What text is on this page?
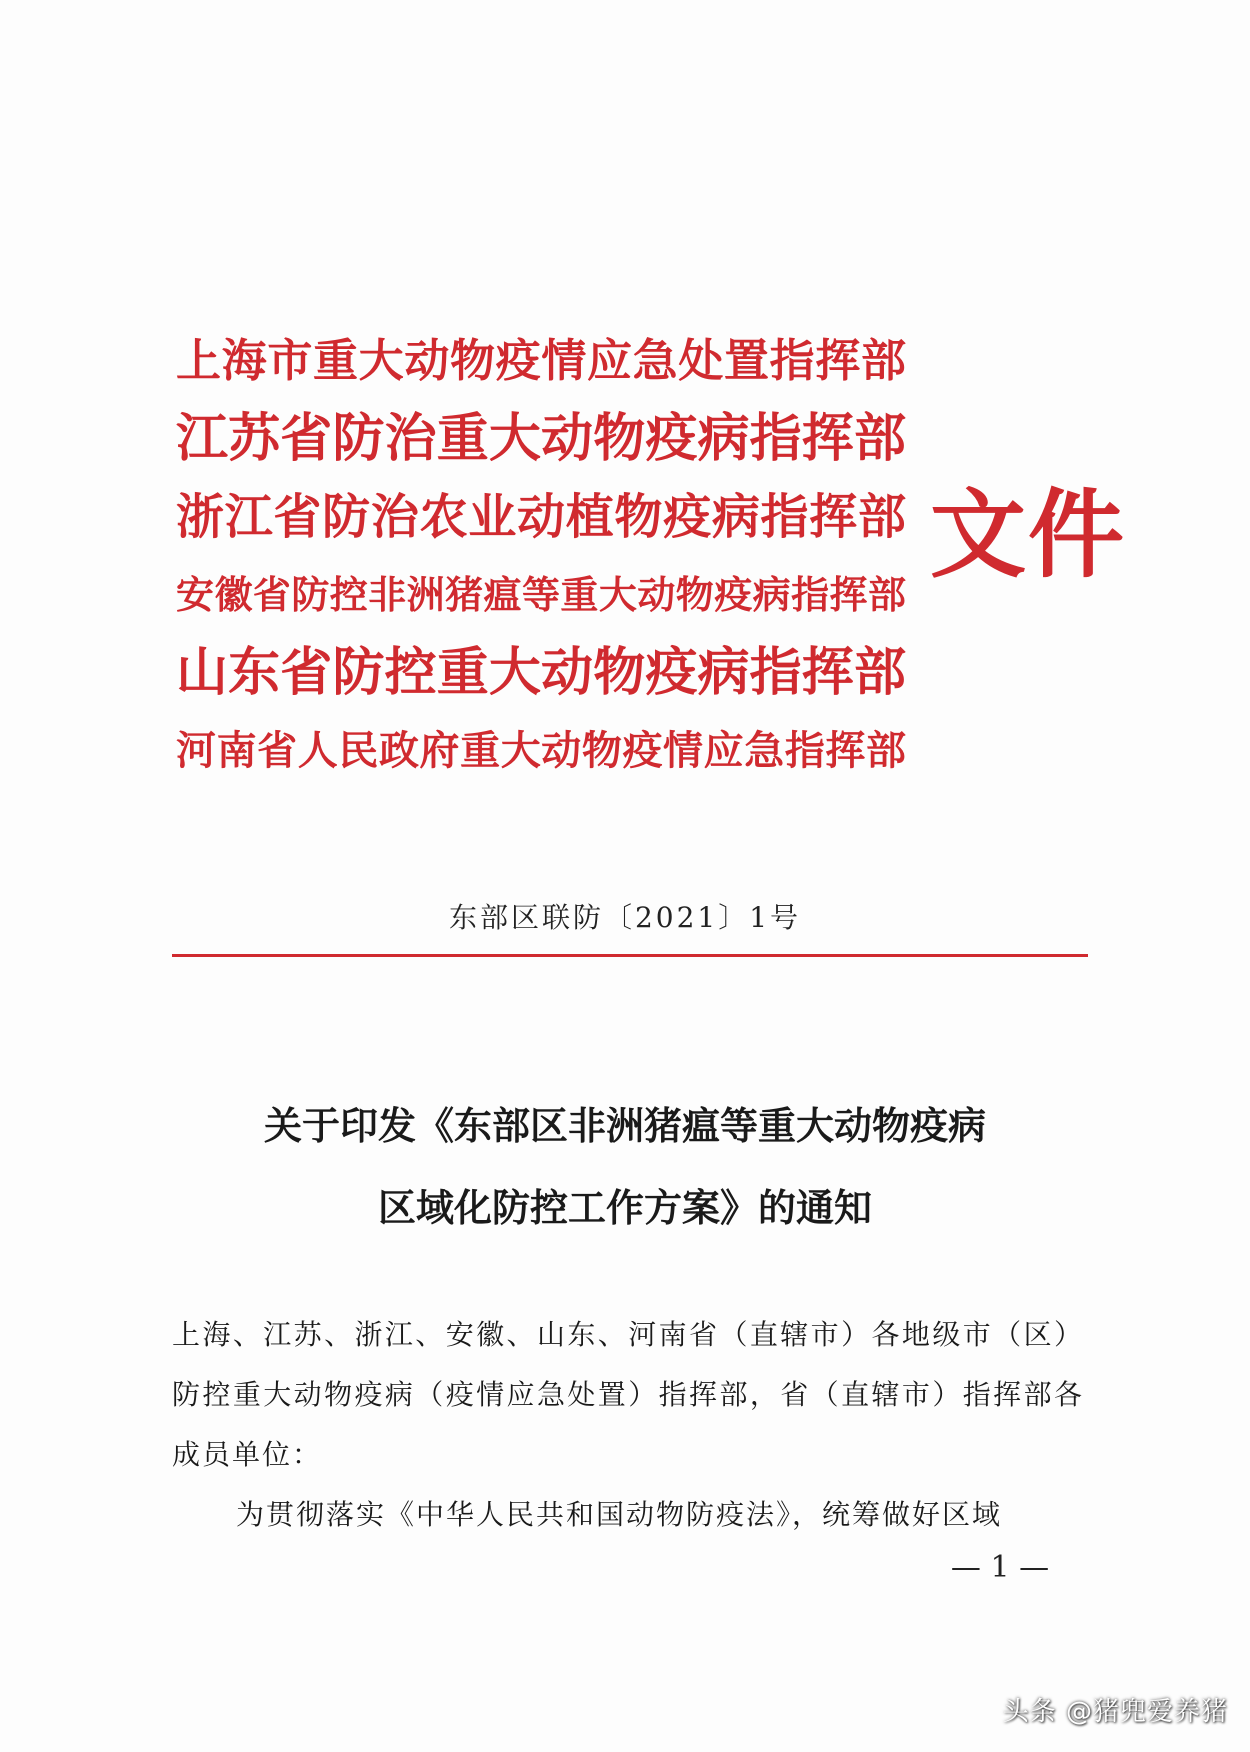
上海市重大动物疫情应急处置指挥部
江苏省防治重大动物疫病指挥部
浙江省防治农业动植物疫病指挥部
安徽省防控非洲猪瘟等重大动物疫病指挥部
山东省防控重大动物疫病指挥部
河南省人民政府重大动物疫情应急指挥部
文件
东部区联防〔2021〕1号
关于印发《东部区非洲猪瘟等重大动物疫病
区域化防控工作方案》的通知
上海、江苏、浙江、安徽、山东、河南省（直辖市）各地级市（区）防控重大动物疫病（疫情应急处置）指挥部，省（直辖市）指挥部各成员单位：
为贯彻落实《中华人民共和国动物防疫法》，统筹做好区域
— 1 —
头条 @猪兜爱养猪
